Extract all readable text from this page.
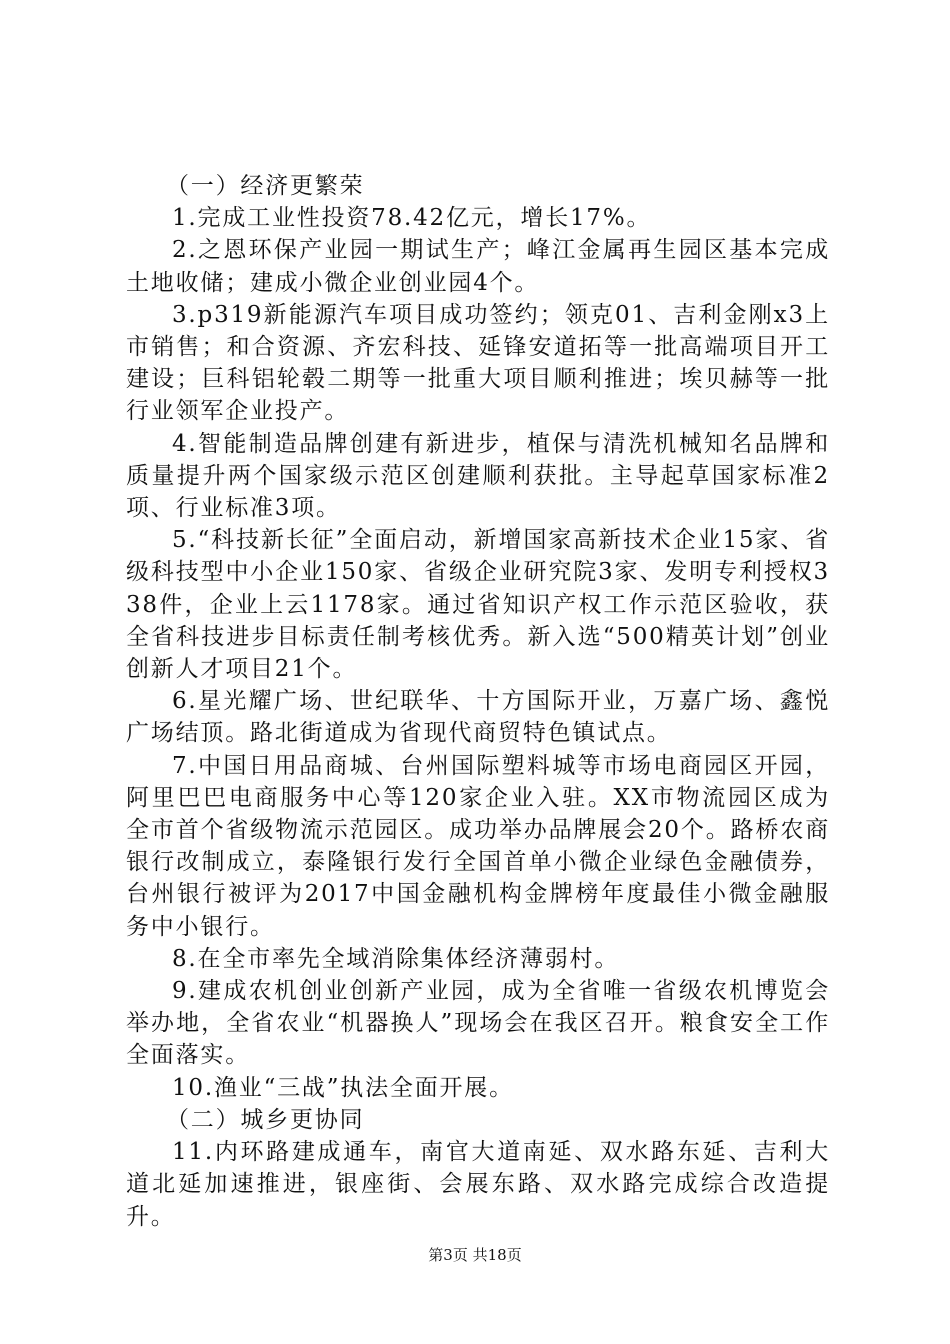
（一）经济更繁荣

1.完成工业性投资78.42亿元，增长17%。

2.之恩环保产业园一期试生产；峰江金属再生园区基本完成土地收储；建成小微企业创业园4个。

3.p319新能源汽车项目成功签约；领克01、吉利金刚x3上市销售；和合资源、齐宏科技、延锋安道拓等一批高端项目开工建设；巨科铝轮毂二期等一批重大项目顺利推进；埃贝赫等一批行业领军企业投产。

4.智能制造品牌创建有新进步，植保与清洗机械知名品牌和质量提升两个国家级示范区创建顺利获批。主导起草国家标准2项、行业标准3项。

5.“科技新长征”全面启动，新增国家高新技术企业15家、省级科技型中小企业150家、省级企业研究院3家、发明专利授权338件，企业上云1178家。通过省知识产权工作示范区验收，获全省科技进步目标责任制考核优秀。新入选“500精英计划”创业创新人才项目21个。

6.星光耀广场、世纪联华、十方国际开业，万嘉广场、鑫悦广场结顶。路北街道成为省现代商贸特色镇试点。

7.中国日用品商城、台州国际塑料城等市场电商园区开园，阿里巴巴电商服务中心等120家企业入驻。XX市物流园区成为全市首个省级物流示范园区。成功举办品牌展会20个。路桥农商银行改制成立，泰隆银行发行全国首单小微企业绿色金融债券，台州银行被评为2017中国金融机构金牌榜年度最佳小微金融服务中小银行。

8.在全市率先全域消除集体经济薄弱村。

9.建成农机创业创新产业园，成为全省唯一省级农机博览会举办地，全省农业“机器换人”现场会在我区召开。粮食安全工作全面落实。

10.渔业“三战”执法全面开展。

（二）城乡更协同

11.内环路建成通车，南官大道南延、双水路东延、吉利大道北延加速推进，银座街、会展东路、双水路完成综合改造提升。

第3页 共18页
